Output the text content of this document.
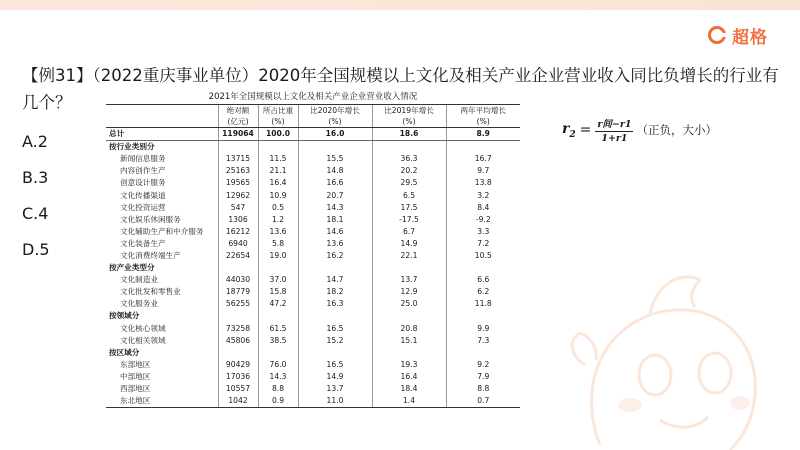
超格
【例31】（2022重庆事业单位）2020年全国规模以上文化及相关产业企业营业收入同比负增长的行业有几个？
A.2
B.3
C.4
D.5
2021年全国规模以上文化及相关产业企业营业收入情况
	绝对额	所占比重	比2020年增长	比2019年增长	两年平均增长
	(亿元)	(%)	(%)	(%)	(%)
总计	119064	100.0	16.0	18.6	8.9
按行业类别分					
新闻信息服务	13715	11.5	15.5	36.3	16.7
内容创作生产	25163	21.1	14.8	20.2	9.7
创意设计服务	19565	16.4	16.6	29.5	13.8
文化传播渠道	12962	10.9	20.7	6.5	3.2
文化投资运营	547	0.5	14.3	17.5	8.4
文化娱乐休闲服务	1306	1.2	18.1	-17.5	-9.2
文化辅助生产和中介服务	16212	13.6	14.6	6.7	3.3
文化装备生产	6940	5.8	13.6	14.9	7.2
文化消费终端生产	22654	19.0	16.2	22.1	10.5
按产业类型分					
文化制造业	44030	37.0	14.7	13.7	6.6
文化批发和零售业	18779	15.8	18.2	12.9	6.2
文化服务业	56255	47.2	16.3	25.0	11.8
按领域分					
文化核心领域	73258	61.5	16.5	20.8	9.9
文化相关领域	45806	38.5	15.2	15.1	7.3
按区域分					
东部地区	90429	76.0	16.5	19.3	9.2
中部地区	17036	14.3	14.9	16.4	7.9
西部地区	10557	8.8	13.7	18.4	8.8
东北地区	1042	0.9	11.0	1.4	0.7
$r_2 = \frac{\text{r间−r1}}{1+r1}$ （正负，大小）
